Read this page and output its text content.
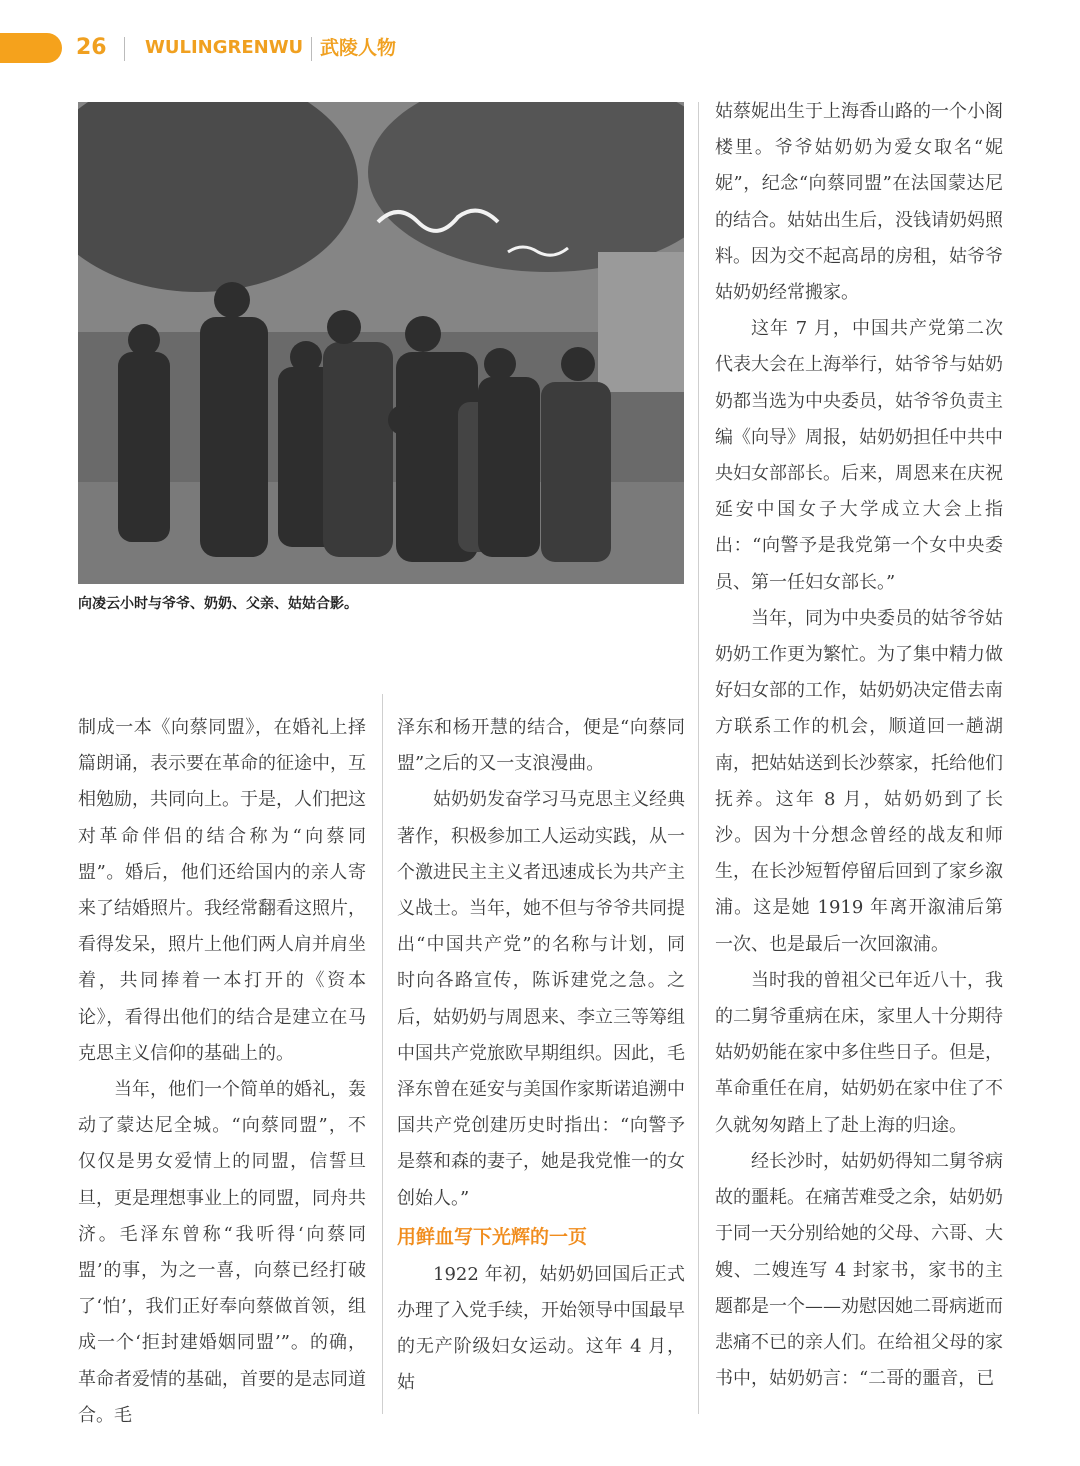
26 WULINGRENWU 武陵人物
向凌云小时与爷爷、奶奶、父亲、姑姑合影。

制成一本《向蔡同盟》，在婚礼上择篇朗诵，表示要在革命的征途中，互相勉励，共同向上。于是，人们把这对革命伴侣的结合称为“向蔡同盟”。婚后，他们还给国内的亲人寄来了结婚照片。我经常翻看这照片，看得发呆，照片上他们两人肩并肩坐着，共同捧着一本打开的《资本论》，看得出他们的结合是建立在马克思主义信仰的基础上的。

当年，他们一个简单的婚礼，轰动了蒙达尼全城。“向蔡同盟”，不仅仅是男女爱情上的同盟，信誓旦旦，更是理想事业上的同盟，同舟共济。毛泽东曾称“我听得‘向蔡同盟’的事，为之一喜，向蔡已经打破了‘怕’，我们正好奉向蔡做首领，组成一个‘拒封建婚姻同盟’”。的确，革命者爱情的基础，首要的是志同道合。毛

泽东和杨开慧的结合，便是“向蔡同盟”之后的又一支浪漫曲。

姑奶奶发奋学习马克思主义经典著作，积极参加工人运动实践，从一个激进民主主义者迅速成长为共产主义战士。当年，她不但与爷爷共同提出“中国共产党”的名称与计划，同时向各路宣传，陈诉建党之急。之后，姑奶奶与周恩来、李立三等筹组中国共产党旅欧早期组织。因此，毛泽东曾在延安与美国作家斯诺追溯中国共产党创建历史时指出：“向警予是蔡和森的妻子，她是我党惟一的女创始人。”

用鲜血写下光辉的一页

1922 年初，姑奶奶回国后正式办理了入党手续，开始领导中国最早的无产阶级妇女运动。这年 4 月，姑

姑蔡妮出生于上海香山路的一个小阁楼里。爷爷姑奶奶为爱女取名“妮妮”，纪念“向蔡同盟”在法国蒙达尼的结合。姑姑出生后，没钱请奶妈照料。因为交不起高昂的房租，姑爷爷姑奶奶经常搬家。

这年 7 月，中国共产党第二次代表大会在上海举行，姑爷爷与姑奶奶都当选为中央委员，姑爷爷负责主编《向导》周报，姑奶奶担任中共中央妇女部部长。后来，周恩来在庆祝延安中国女子大学成立大会上指出：“向警予是我党第一个女中央委员、第一任妇女部长。”

当年，同为中央委员的姑爷爷姑奶奶工作更为繁忙。为了集中精力做好妇女部的工作，姑奶奶决定借去南方联系工作的机会，顺道回一趟湖南，把姑姑送到长沙蔡家，托给他们抚养。这年 8 月，姑奶奶到了长沙。因为十分想念曾经的战友和师生，在长沙短暂停留后回到了家乡溆浦。这是她 1919 年离开溆浦后第一次、也是最后一次回溆浦。

当时我的曾祖父已年近八十，我的二舅爷重病在床，家里人十分期待姑奶奶能在家中多住些日子。但是，革命重任在肩，姑奶奶在家中住了不久就匆匆踏上了赴上海的归途。

经长沙时，姑奶奶得知二舅爷病故的噩耗。在痛苦难受之余，姑奶奶于同一天分别给她的父母、六哥、大嫂、二嫂连写 4 封家书，家书的主题都是一个——劝慰因她二哥病逝而悲痛不已的亲人们。在给祖父母的家书中，姑奶奶言：“二哥的噩音，已
